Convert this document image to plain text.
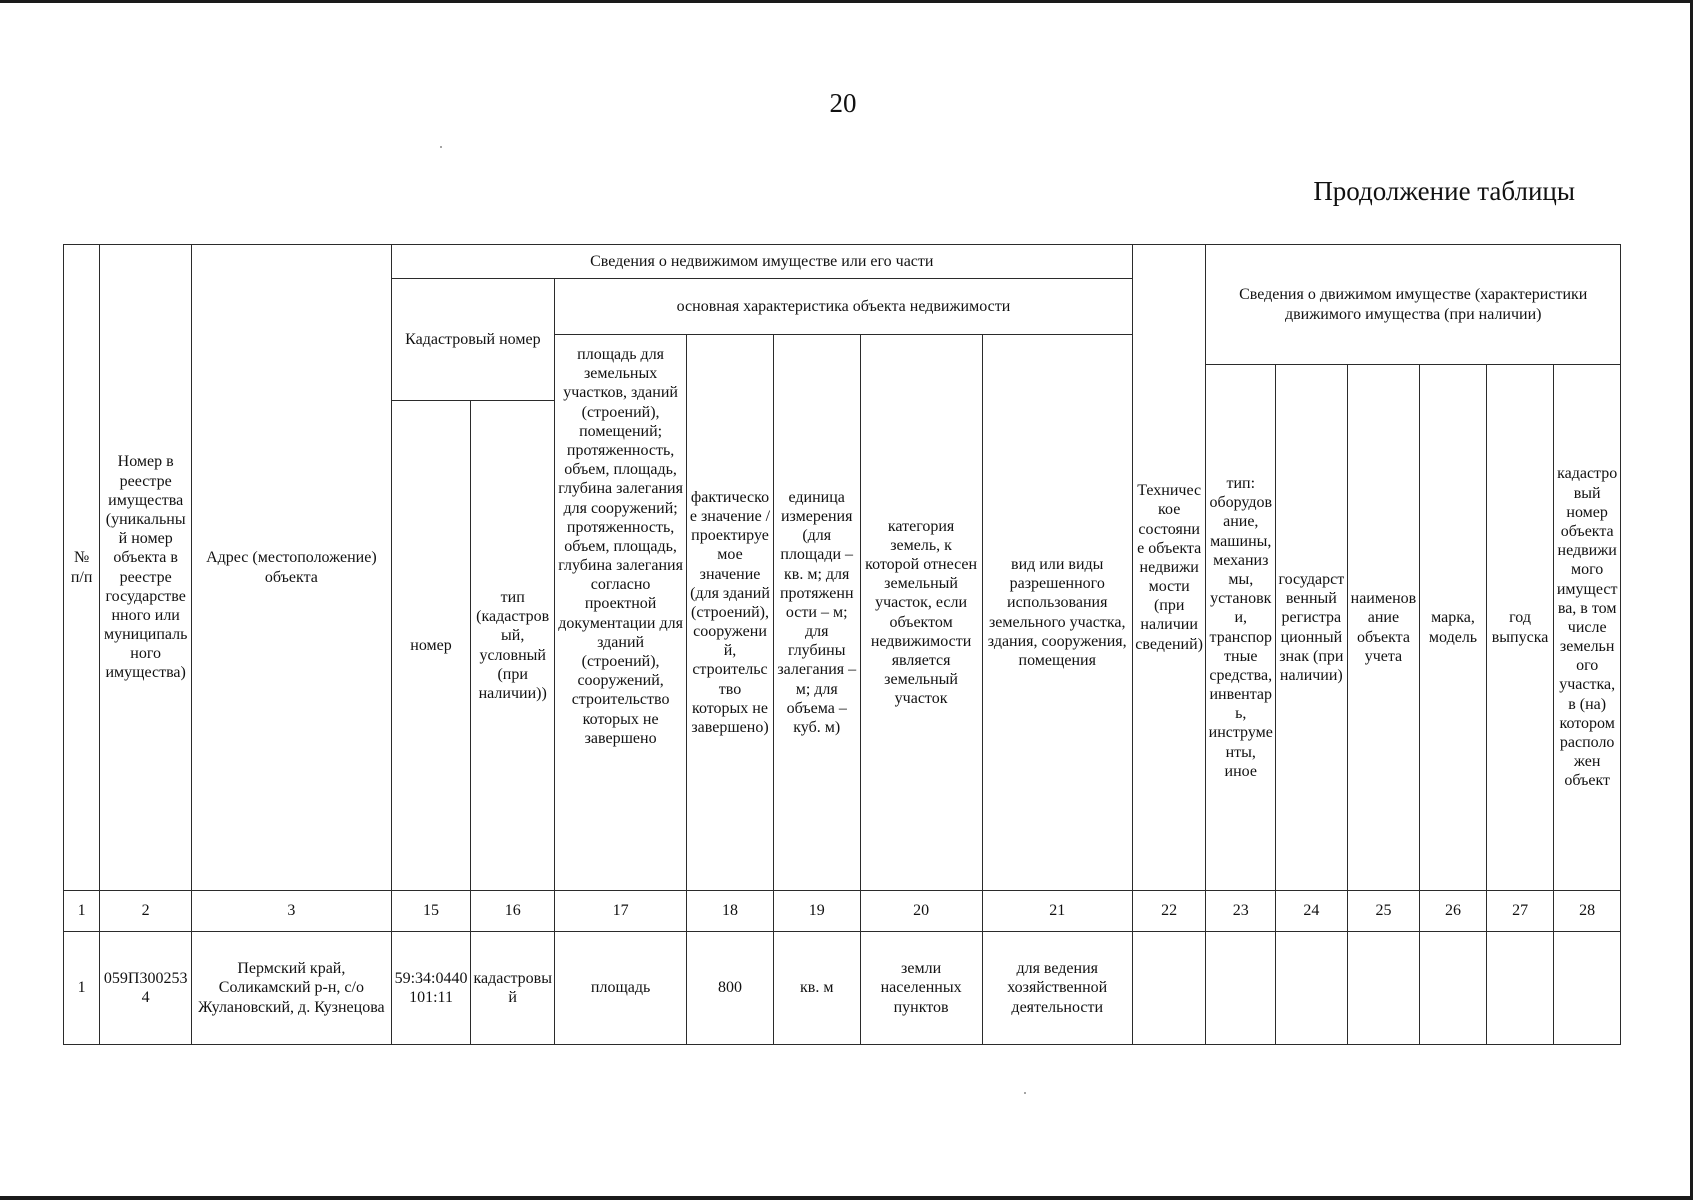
20
Продолжение таблицы
№ п/п	Номер в реестре имущества (уникальный номер объекта в реестре государственного или муниципального имущества)	Адрес (местоположение) объекта	Сведения о недвижимом имуществе или его части							Техническое состояние объекта недвижимости (при наличии сведений)	Сведения о движимом имуществе (характеристики движимого имущества (при наличии)					
			Кадастровый номер		основная характеристика объекта недвижимости											
					площадь для земельных участков, зданий (строений), помещений; протяженность, объем, площадь, глубина залегания для сооружений; протяженность, объем, площадь, глубина залегания согласно проектной документации для зданий (строений), сооружений, строительство которых не завершено	фактическое значение / проектируемое значение (для зданий (строений), сооружений, строительство которых не завершено)	единица измерения (для площади – кв. м; для протяженности – м; для глубины залегания – м; для объема – куб. м)	категория земель, к которой отнесен земельный участок, если объектом недвижимости является земельный участок	вид или виды разрешенного использования земельного участка, здания, сооружения, помещения							
											тип: оборудование, машины, механизмы, установки, транспортные средства, инвентарь, инструменты, иное	государственный регистрационный знак (при наличии)	наименование объекта учета	марка, модель	год выпуска	кадастровый номер объекта недвижимого имущества, в том числе земельного участка, в (на) котором расположен объект
			номер	тип (кадастровый, условный (при наличии))												
1	2	3	15	16	17	18	19	20	21	22	23	24	25	26	27	28
1	059П3002534	Пермский край, Соликамский р-н, с/о Жулановский, д. Кузнецова	59:34:0440101:11	кадастровый	площадь	800	кв. м	земли населенных пунктов	для ведения хозяйственной деятельности							
